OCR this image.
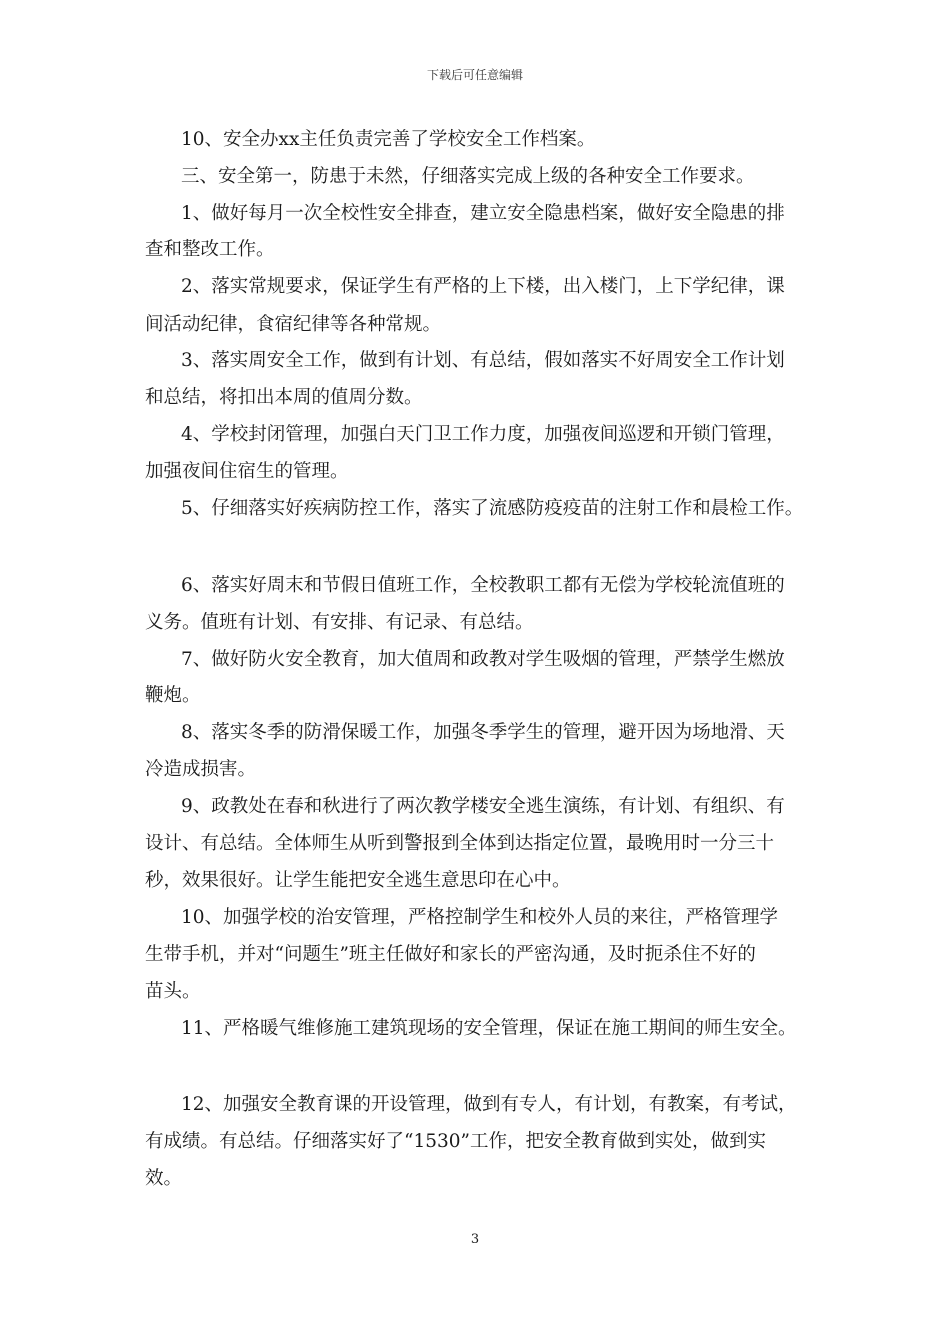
下载后可任意编辑
10、安全办xx主任负责完善了学校安全工作档案。
三、安全第一，防患于未然，仔细落实完成上级的各种安全工作要求。
1、做好每月一次全校性安全排查，建立安全隐患档案，做好安全隐患的排
查和整改工作。
2、落实常规要求，保证学生有严格的上下楼，出入楼门，上下学纪律，课
间活动纪律，食宿纪律等各种常规。
3、落实周安全工作，做到有计划、有总结，假如落实不好周安全工作计划
和总结，将扣出本周的值周分数。
4、学校封闭管理，加强白天门卫工作力度，加强夜间巡逻和开锁门管理，
加强夜间住宿生的管理。
5、仔细落实好疾病防控工作，落实了流感防疫疫苗的注射工作和晨检工作。
6、落实好周末和节假日值班工作，全校教职工都有无偿为学校轮流值班的
义务。值班有计划、有安排、有记录、有总结。
7、做好防火安全教育，加大值周和政教对学生吸烟的管理，严禁学生燃放
鞭炮。
8、落实冬季的防滑保暖工作，加强冬季学生的管理，避开因为场地滑、天
冷造成损害。
9、政教处在春和秋进行了两次教学楼安全逃生演练，有计划、有组织、有
设计、有总结。全体师生从听到警报到全体到达指定位置，最晚用时一分三十
秒，效果很好。让学生能把安全逃生意思印在心中。
10、加强学校的治安管理，严格控制学生和校外人员的来往，严格管理学
生带手机，并对“问题生”班主任做好和家长的严密沟通，及时扼杀住不好的
苗头。
11、严格暖气维修施工建筑现场的安全管理，保证在施工期间的师生安全。
12、加强安全教育课的开设管理，做到有专人，有计划，有教案，有考试，
有成绩。有总结。仔细落实好了“1530”工作，把安全教育做到实处，做到实
效。
3
